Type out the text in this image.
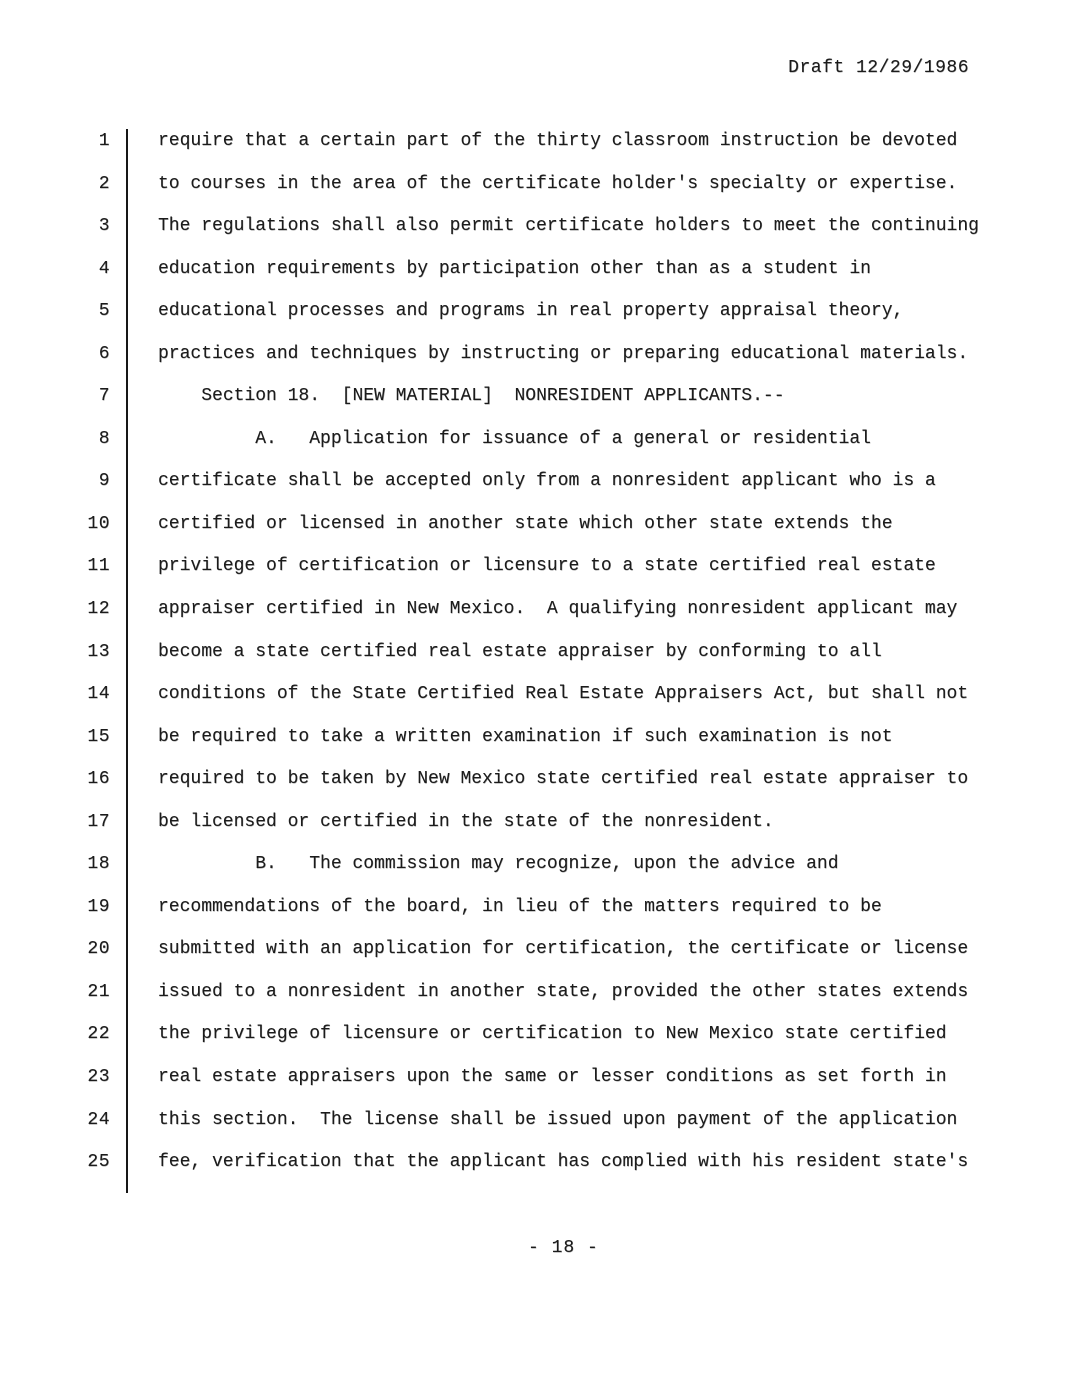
Draft 12/29/1986
1	require that a certain part of the thirty classroom instruction be devoted
2	to courses in the area of the certificate holder's specialty or expertise.
3	The regulations shall also permit certificate holders to meet the continuing
4	education requirements by participation other than as a student in
5	educational processes and programs in real property appraisal theory,
6	practices and techniques by instructing or preparing educational materials.
7	Section 18.  [NEW MATERIAL]  NONRESIDENT APPLICANTS.--
8	A.   Application for issuance of a general or residential
9	certificate shall be accepted only from a nonresident applicant who is a
10	certified or licensed in another state which other state extends the
11	privilege of certification or licensure to a state certified real estate
12	appraiser certified in New Mexico.  A qualifying nonresident applicant may
13	become a state certified real estate appraiser by conforming to all
14	conditions of the State Certified Real Estate Appraisers Act, but shall not
15	be required to take a written examination if such examination is not
16	required to be taken by New Mexico state certified real estate appraiser to
17	be licensed or certified in the state of the nonresident.
18	B.   The commission may recognize, upon the advice and
19	recommendations of the board, in lieu of the matters required to be
20	submitted with an application for certification, the certificate or license
21	issued to a nonresident in another state, provided the other states extends
22	the privilege of licensure or certification to New Mexico state certified
23	real estate appraisers upon the same or lesser conditions as set forth in
24	this section.  The license shall be issued upon payment of the application
25	fee, verification that the applicant has complied with his resident state's
- 18 -
